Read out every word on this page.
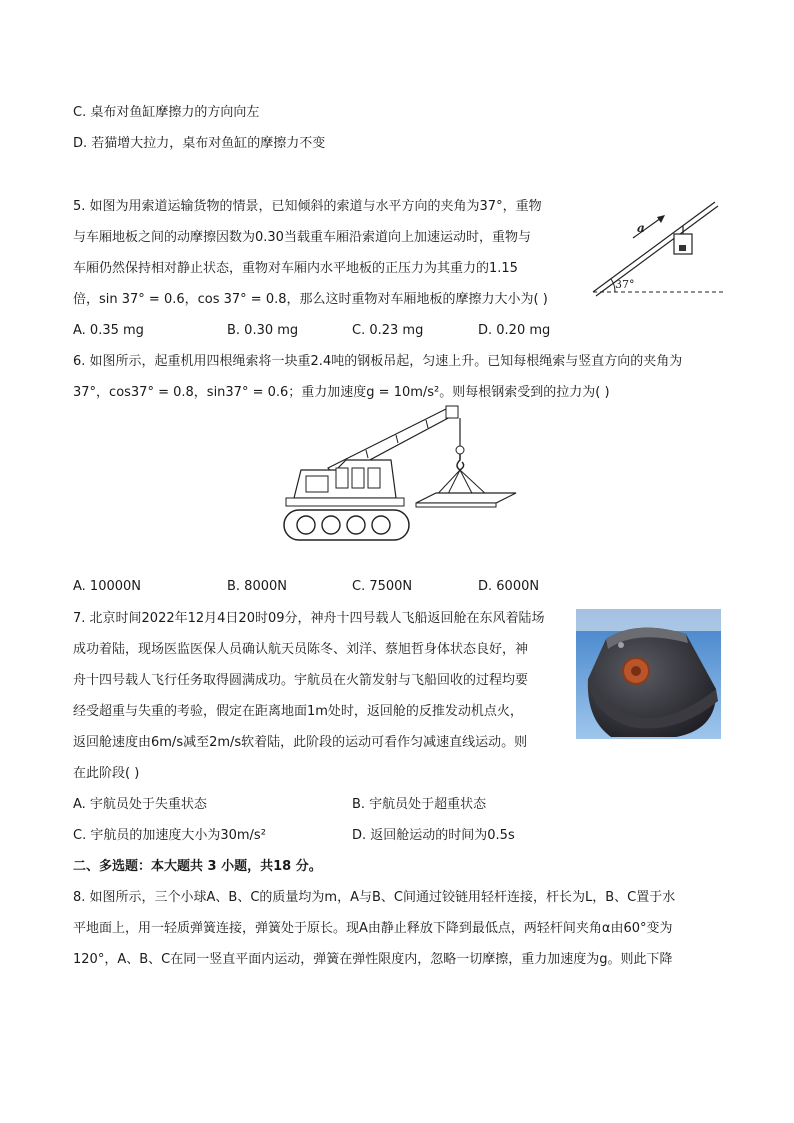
C. 桌布对鱼缸摩擦力的方向向左
D. 若猫增大拉力，桌布对鱼缸的摩擦力不变
5. 如图为用索道运输货物的情景，已知倾斜的索道与水平方向的夹角为37°，重物
与车厢地板之间的动摩擦因数为0.30当载重车厢沿索道向上加速运动时，重物与
车厢仍然保持相对静止状态，重物对车厢内水平地板的正压力为其重力的1.15
倍，sin 37° = 0.6，cos 37° = 0.8，那么这时重物对车厢地板的摩擦力大小为( )
37°
a
A. 0.35 mg	B. 0.30 mg	C. 0.23 mg	D. 0.20 mg
6. 如图所示，起重机用四根绳索将一块重2.4吨的钢板吊起，匀速上升。已知每根绳索与竖直方向的夹角为
37°，cos37° = 0.8，sin37° = 0.6；重力加速度g = 10m/s²。则每根钢索受到的拉力为( )
A. 10000N	B. 8000N	C. 7500N	D. 6000N
7. 北京时间2022年12月4日20时09分，神舟十四号载人飞船返回舱在东风着陆场
成功着陆，现场医监医保人员确认航天员陈冬、刘洋、蔡旭哲身体状态良好，神
舟十四号载人飞行任务取得圆满成功。宇航员在火箭发射与飞船回收的过程均要
经受超重与失重的考验，假定在距离地面1m处时，返回舱的反推发动机点火，
返回舱速度由6m/s减至2m/s软着陆，此阶段的运动可看作匀减速直线运动。则
在此阶段( )
A. 宇航员处于失重状态	B. 宇航员处于超重状态
C. 宇航员的加速度大小为30m/s²	D. 返回舱运动的时间为0.5s
二、多选题：本大题共 3 小题，共18 分。
8. 如图所示，三个小球A、B、C的质量均为m，A与B、C间通过铰链用轻杆连接，杆长为L，B、C置于水
平地面上，用一轻质弹簧连接，弹簧处于原长。现A由静止释放下降到最低点，两轻杆间夹角α由60°变为
120°，A、B、C在同一竖直平面内运动，弹簧在弹性限度内，忽略一切摩擦，重力加速度为g。则此下降
